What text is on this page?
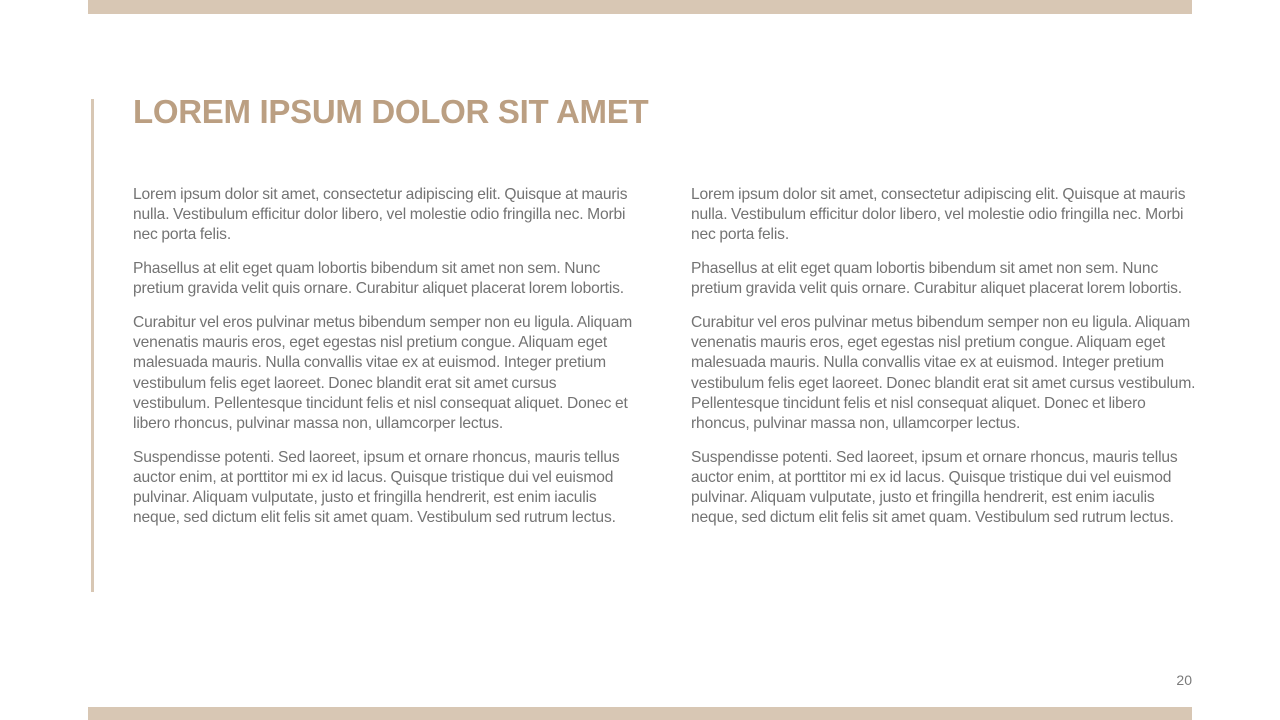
LOREM IPSUM DOLOR SIT AMET

Lorem ipsum dolor sit amet, consectetur adipiscing elit. Quisque at mauris nulla. Vestibulum efficitur dolor libero, vel molestie odio fringilla nec. Morbi nec porta felis.

Phasellus at elit eget quam lobortis bibendum sit amet non sem. Nunc pretium gravida velit quis ornare. Curabitur aliquet placerat lorem lobortis.

Curabitur vel eros pulvinar metus bibendum semper non eu ligula. Aliquam venenatis mauris eros, eget egestas nisl pretium congue. Aliquam eget malesuada mauris. Nulla convallis vitae ex at euismod. Integer pretium vestibulum felis eget laoreet. Donec blandit erat sit amet cursus vestibulum. Pellentesque tincidunt felis et nisl consequat aliquet. Donec et libero rhoncus, pulvinar massa non, ullamcorper lectus.

Suspendisse potenti. Sed laoreet, ipsum et ornare rhoncus, mauris tellus auctor enim, at porttitor mi ex id lacus. Quisque tristique dui vel euismod pulvinar. Aliquam vulputate, justo et fringilla hendrerit, est enim iaculis neque, sed dictum elit felis sit amet quam. Vestibulum sed rutrum lectus.

Lorem ipsum dolor sit amet, consectetur adipiscing elit. Quisque at mauris nulla. Vestibulum efficitur dolor libero, vel molestie odio fringilla nec. Morbi nec porta felis.

Phasellus at elit eget quam lobortis bibendum sit amet non sem. Nunc pretium gravida velit quis ornare. Curabitur aliquet placerat lorem lobortis.

Curabitur vel eros pulvinar metus bibendum semper non eu ligula. Aliquam venenatis mauris eros, eget egestas nisl pretium congue. Aliquam eget malesuada mauris. Nulla convallis vitae ex at euismod. Integer pretium vestibulum felis eget laoreet. Donec blandit erat sit amet cursus vestibulum. Pellentesque tincidunt felis et nisl consequat aliquet. Donec et libero rhoncus, pulvinar massa non, ullamcorper lectus.

Suspendisse potenti. Sed laoreet, ipsum et ornare rhoncus, mauris tellus auctor enim, at porttitor mi ex id lacus. Quisque tristique dui vel euismod pulvinar. Aliquam vulputate, justo et fringilla hendrerit, est enim iaculis neque, sed dictum elit felis sit amet quam. Vestibulum sed rutrum lectus.

20
